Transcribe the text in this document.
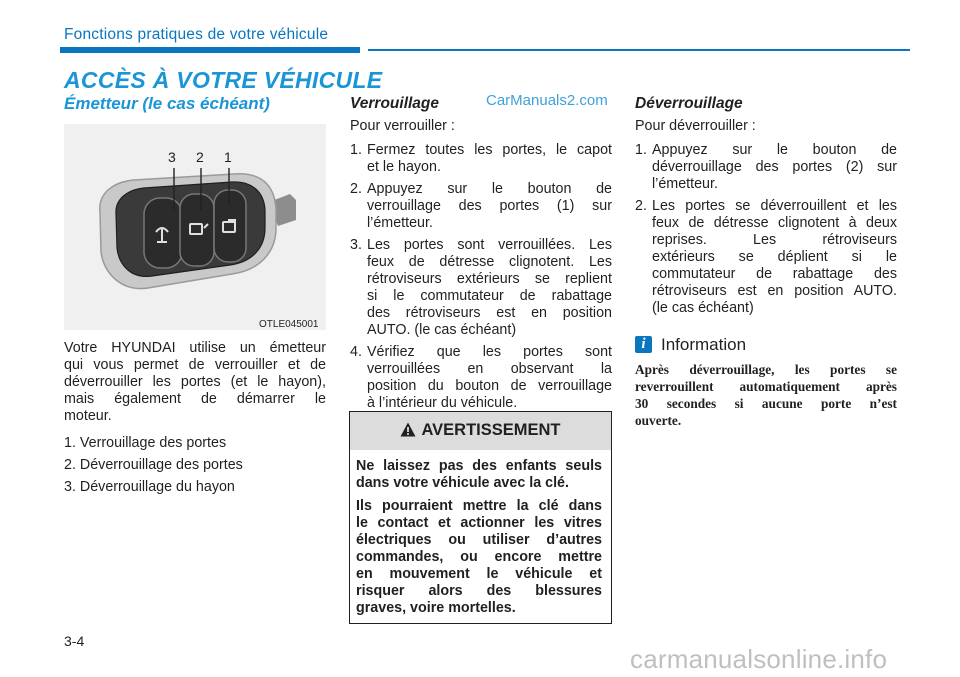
Fonctions pratiques de votre véhicule
ACCÈS À VOTRE VÉHICULE
Émetteur (le cas échéant)
3 2 1
OTLE045001
Votre HYUNDAI utilise un émetteur
qui vous permet de verrouiller et de
déverrouiller les portes (et le hayon),
mais également de démarrer le
moteur.
1. Verrouillage des portes
2. Déverrouillage des portes
3. Déverrouillage du hayon
Verrouillage	CarManuals2.com
Pour verrouiller :
1. Fermez toutes les portes, le capot
et le hayon.
2. Appuyez sur le bouton de
verrouillage des portes (1) sur
l’émetteur.
3. Les portes sont verrouillées. Les
feux de détresse clignotent. Les
rétroviseurs extérieurs se replient
si le commutateur de rabattage
des rétroviseurs est en position
AUTO. (le cas échéant)
4. Vérifiez que les portes sont
verrouillées en observant la
position du bouton de verrouillage
à l’intérieur du véhicule.
AVERTISSEMENT
Ne laissez pas des enfants seuls
dans votre véhicule avec la clé.
Ils pourraient mettre la clé dans
le contact et actionner les vitres
électriques ou utiliser d’autres
commandes, ou encore mettre
en mouvement le véhicule et
risquer alors des blessures
graves, voire mortelles.
Déverrouillage
Pour déverrouiller :
1. Appuyez sur le bouton de
déverrouillage des portes (2) sur
l’émetteur.
2. Les portes se déverrouillent et les
feux de détresse clignotent à deux
reprises. Les rétroviseurs
extérieurs se déplient si le
commutateur de rabattage des
rétroviseurs est en position AUTO.
(le cas échéant)
i Information
Après déverrouillage, les portes se
reverrouillent automatiquement après
30 secondes si aucune porte n’est
ouverte.
3-4
carmanualsonline.info
